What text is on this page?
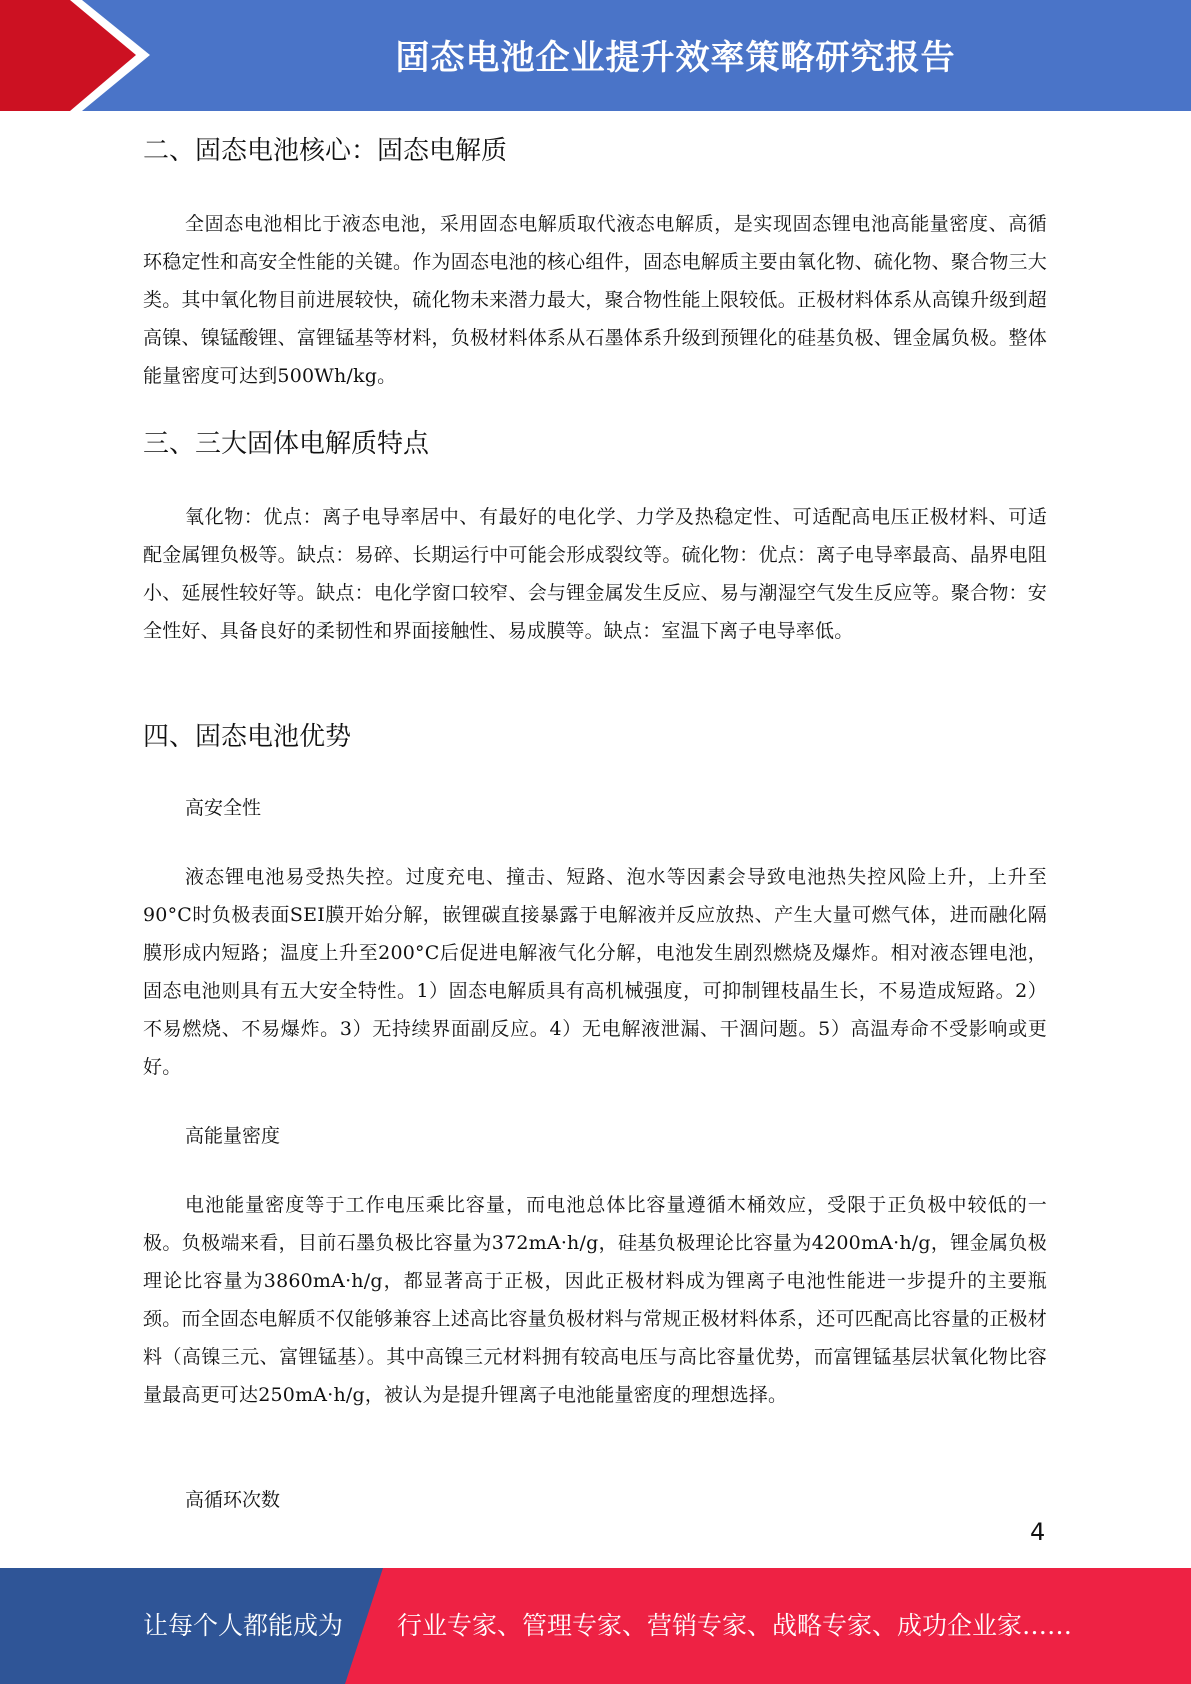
固态电池企业提升效率策略研究报告
二、固态电池核心：固态电解质

全固态电池相比于液态电池，采用固态电解质取代液态电解质，是实现固态锂电池高能量密度、高循环稳定性和高安全性能的关键。作为固态电池的核心组件，固态电解质主要由氧化物、硫化物、聚合物三大类。其中氧化物目前进展较快，硫化物未来潜力最大，聚合物性能上限较低。正极材料体系从高镍升级到超高镍、镍锰酸锂、富锂锰基等材料，负极材料体系从石墨体系升级到预锂化的硅基负极、锂金属负极。整体能量密度可达到500Wh/kg。

三、三大固体电解质特点

氧化物：优点：离子电导率居中、有最好的电化学、力学及热稳定性、可适配高电压正极材料、可适配金属锂负极等。缺点：易碎、长期运行中可能会形成裂纹等。硫化物：优点：离子电导率最高、晶界电阻小、延展性较好等。缺点：电化学窗口较窄、会与锂金属发生反应、易与潮湿空气发生反应等。聚合物：安全性好、具备良好的柔韧性和界面接触性、易成膜等。缺点：室温下离子电导率低。

四、固态电池优势

高安全性

液态锂电池易受热失控。过度充电、撞击、短路、泡水等因素会导致电池热失控风险上升，上升至90°C时负极表面SEI膜开始分解，嵌锂碳直接暴露于电解液并反应放热、产生大量可燃气体，进而融化隔膜形成内短路；温度上升至200°C后促进电解液气化分解，电池发生剧烈燃烧及爆炸。相对液态锂电池，固态电池则具有五大安全特性。1）固态电解质具有高机械强度，可抑制锂枝晶生长，不易造成短路。2）不易燃烧、不易爆炸。3）无持续界面副反应。4）无电解液泄漏、干涸问题。5）高温寿命不受影响或更好。

高能量密度

电池能量密度等于工作电压乘比容量，而电池总体比容量遵循木桶效应，受限于正负极中较低的一极。负极端来看，目前石墨负极比容量为372mA·h/g，硅基负极理论比容量为4200mA·h/g，锂金属负极理论比容量为3860mA·h/g，都显著高于正极，因此正极材料成为锂离子电池性能进一步提升的主要瓶颈。而全固态电解质不仅能够兼容上述高比容量负极材料与常规正极材料体系，还可匹配高比容量的正极材料（高镍三元、富锂锰基）。其中高镍三元材料拥有较高电压与高比容量优势，而富锂锰基层状氧化物比容量最高更可达250mA·h/g，被认为是提升锂离子电池能量密度的理想选择。

高循环次数

4
让每个人都能成为 行业专家、管理专家、营销专家、战略专家、成功企业家……
